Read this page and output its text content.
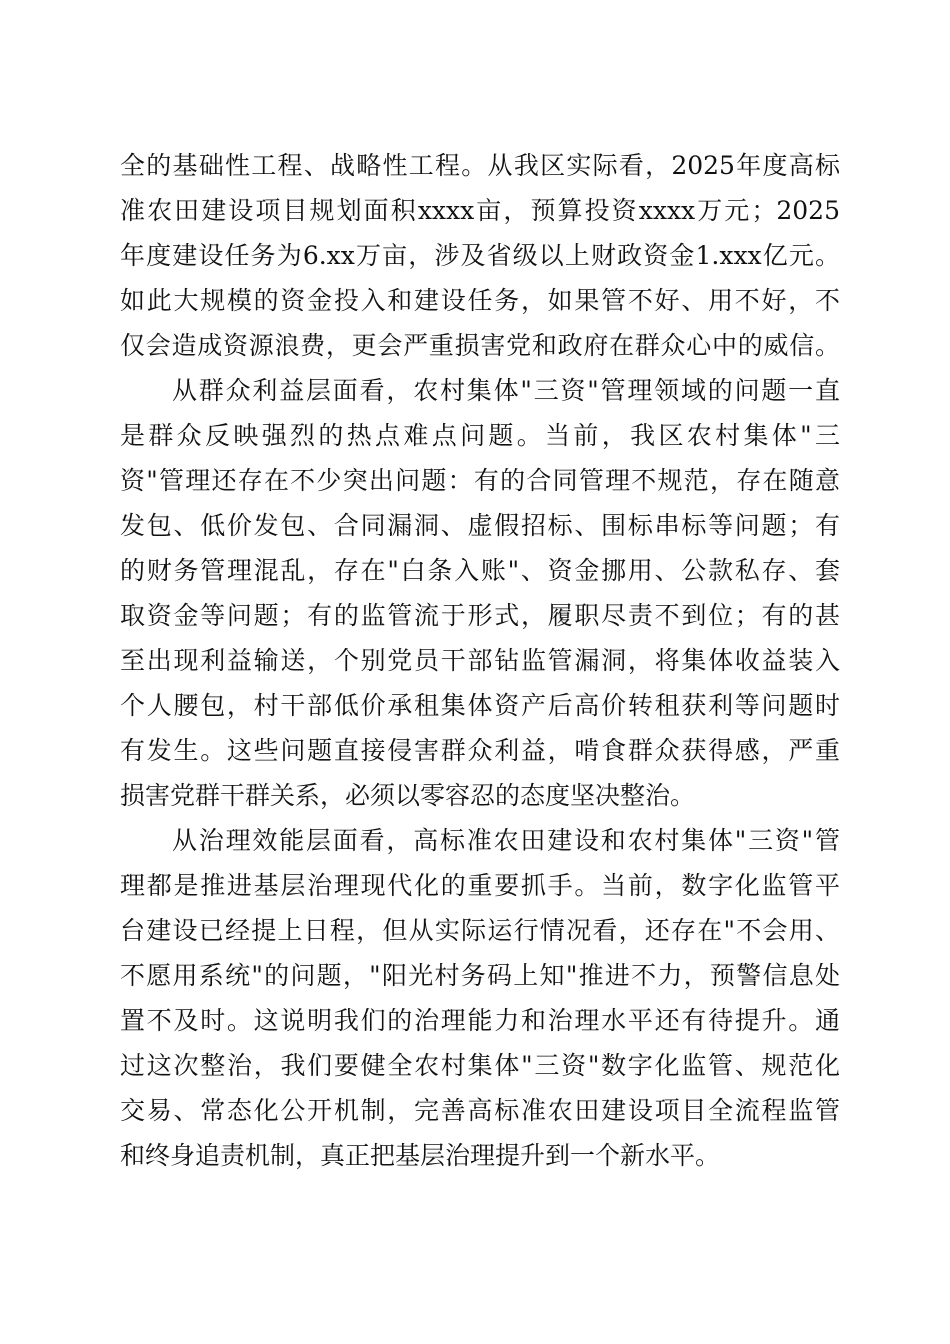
全的基础性工程、战略性工程。从我区实际看，2025年度高标
准农田建设项目规划面积xxxx亩，预算投资xxxx万元；2025
年度建设任务为6.xx万亩，涉及省级以上财政资金1.xxx亿元。
如此大规模的资金投入和建设任务，如果管不好、用不好，不
仅会造成资源浪费，更会严重损害党和政府在群众心中的威信。
从群众利益层面看，农村集体"三资"管理领域的问题一直
是群众反映强烈的热点难点问题。当前，我区农村集体"三
资"管理还存在不少突出问题：有的合同管理不规范，存在随意
发包、低价发包、合同漏洞、虚假招标、围标串标等问题；有
的财务管理混乱，存在"白条入账"、资金挪用、公款私存、套
取资金等问题；有的监管流于形式，履职尽责不到位；有的甚
至出现利益输送，个别党员干部钻监管漏洞，将集体收益装入
个人腰包，村干部低价承租集体资产后高价转租获利等问题时
有发生。这些问题直接侵害群众利益，啃食群众获得感，严重
损害党群干群关系，必须以零容忍的态度坚决整治。
从治理效能层面看，高标准农田建设和农村集体"三资"管
理都是推进基层治理现代化的重要抓手。当前，数字化监管平
台建设已经提上日程，但从实际运行情况看，还存在"不会用、
不愿用系统"的问题，"阳光村务码上知"推进不力，预警信息处
置不及时。这说明我们的治理能力和治理水平还有待提升。通
过这次整治，我们要健全农村集体"三资"数字化监管、规范化
交易、常态化公开机制，完善高标准农田建设项目全流程监管
和终身追责机制，真正把基层治理提升到一个新水平。
